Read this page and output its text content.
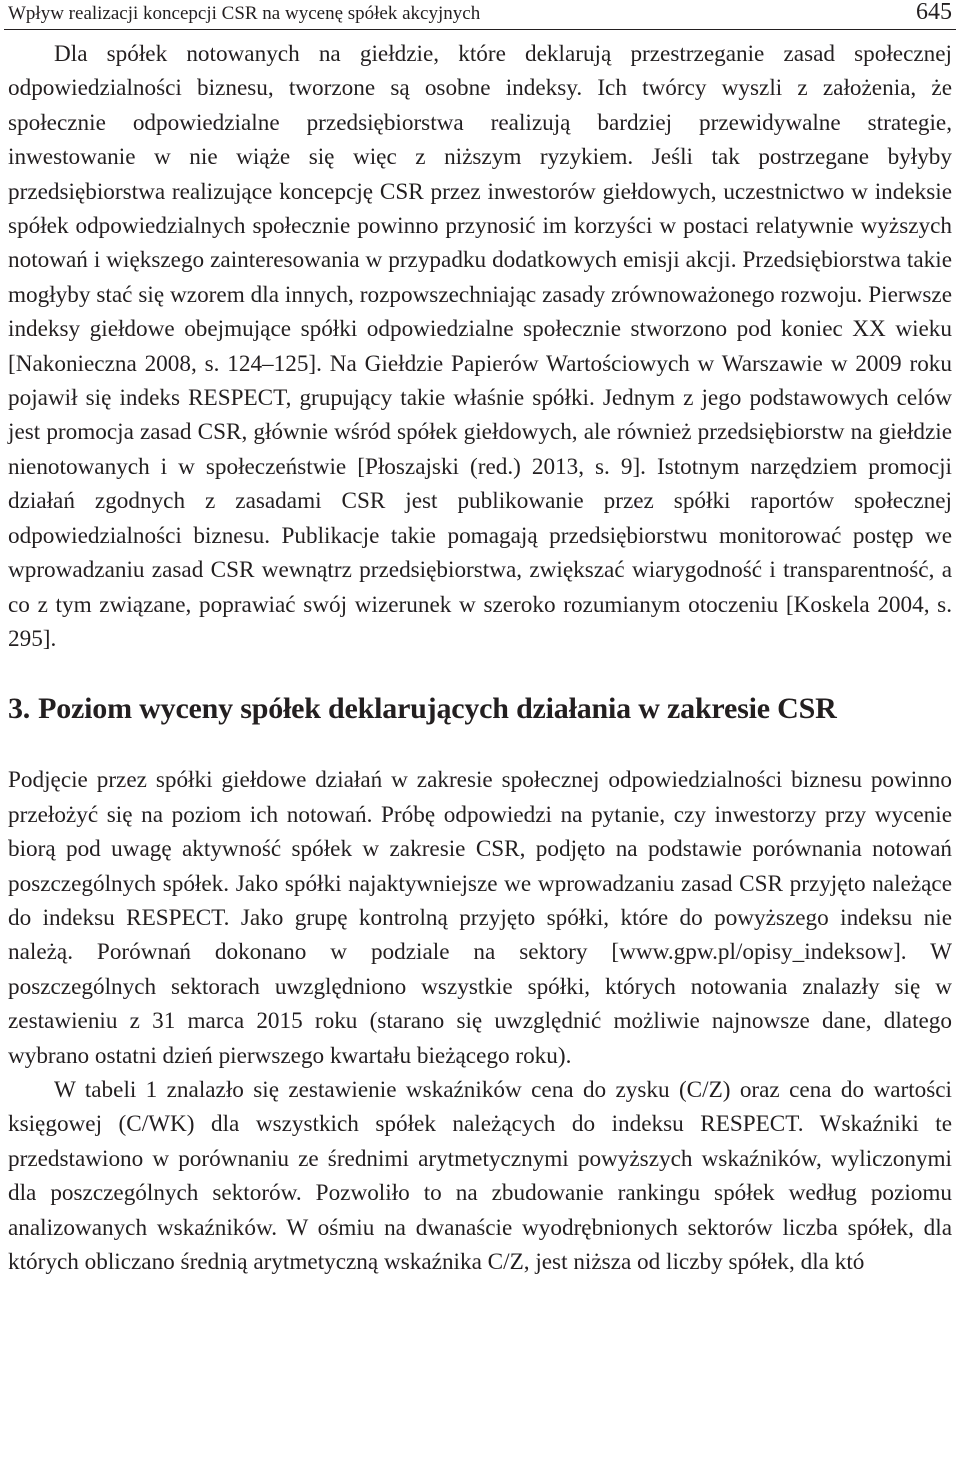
Wpływ realizacji koncepcji CSR na wycenę spółek akcyjnych	645

Dla spółek notowanych na giełdzie, które deklarują przestrzeganie zasad społecznej odpowiedzialności biznesu, tworzone są osobne indeksy. Ich twórcy wyszli z założenia, że społecznie odpowiedzialne przedsiębiorstwa realizują bardziej przewidywalne strategie, inwestowanie w nie wiąże się więc z niższym ryzykiem. Jeśli tak postrzegane byłyby przedsiębiorstwa realizujące koncepcję CSR przez inwestorów giełdowych, uczestnictwo w indeksie spółek odpowiedzialnych społecznie powinno przynosić im korzyści w postaci relatywnie wyższych notowań i większego zainteresowania w przypadku dodatkowych emisji akcji. Przedsiębiorstwa takie mogłyby stać się wzorem dla innych, rozpowszechniając zasady zrównoważonego rozwoju. Pierwsze indeksy giełdowe obejmujące spółki odpowiedzialne społecznie stworzono pod koniec XX wieku [Nakonieczna 2008, s. 124–125]. Na Giełdzie Papierów Wartościowych w Warszawie w 2009 roku pojawił się indeks RESPECT, grupujący takie właśnie spółki. Jednym z jego podstawowych celów jest promocja zasad CSR, głównie wśród spółek giełdowych, ale również przedsiębiorstw na giełdzie nienotowanych i w społeczeństwie [Płoszajski (red.) 2013, s. 9]. Istotnym narzędziem promocji działań zgodnych z zasadami CSR jest publikowanie przez spółki raportów społecznej odpowiedzialności biznesu. Publikacje takie pomagają przedsiębiorstwu monitorować postęp we wprowadzaniu zasad CSR wewnątrz przedsiębiorstwa, zwiększać wiarygodność i transparentność, a co z tym związane, poprawiać swój wizerunek w szeroko rozumianym otoczeniu [Koskela 2004, s. 295].

3. Poziom wyceny spółek deklarujących działania w zakresie CSR

Podjęcie przez spółki giełdowe działań w zakresie społecznej odpowiedzialności biznesu powinno przełożyć się na poziom ich notowań. Próbę odpowiedzi na pytanie, czy inwestorzy przy wycenie biorą pod uwagę aktywność spółek w zakresie CSR, podjęto na podstawie porównania notowań poszczególnych spółek. Jako spółki najaktywniejsze we wprowadzaniu zasad CSR przyjęto należące do indeksu RESPECT. Jako grupę kontrolną przyjęto spółki, które do powyższego indeksu nie należą. Porównań dokonano w podziale na sektory [www.gpw.pl/opisy_indeksow]. W poszczególnych sektorach uwzględniono wszystkie spółki, których notowania znalazły się w zestawieniu z 31 marca 2015 roku (starano się uwzględnić możliwie najnowsze dane, dlatego wybrano ostatni dzień pierwszego kwartału bieżącego roku).

W tabeli 1 znalazło się zestawienie wskaźników cena do zysku (C/Z) oraz cena do wartości księgowej (C/WK) dla wszystkich spółek należących do indeksu RESPECT. Wskaźniki te przedstawiono w porównaniu ze średnimi arytmetycznymi powyższych wskaźników, wyliczonymi dla poszczególnych sektorów. Pozwoliło to na zbudowanie rankingu spółek według poziomu analizowanych wskaźników. W ośmiu na dwanaście wyodrębnionych sektorów liczba spółek, dla których obliczano średnią arytmetyczną wskaźnika C/Z, jest niższa od liczby spółek, dla któ
